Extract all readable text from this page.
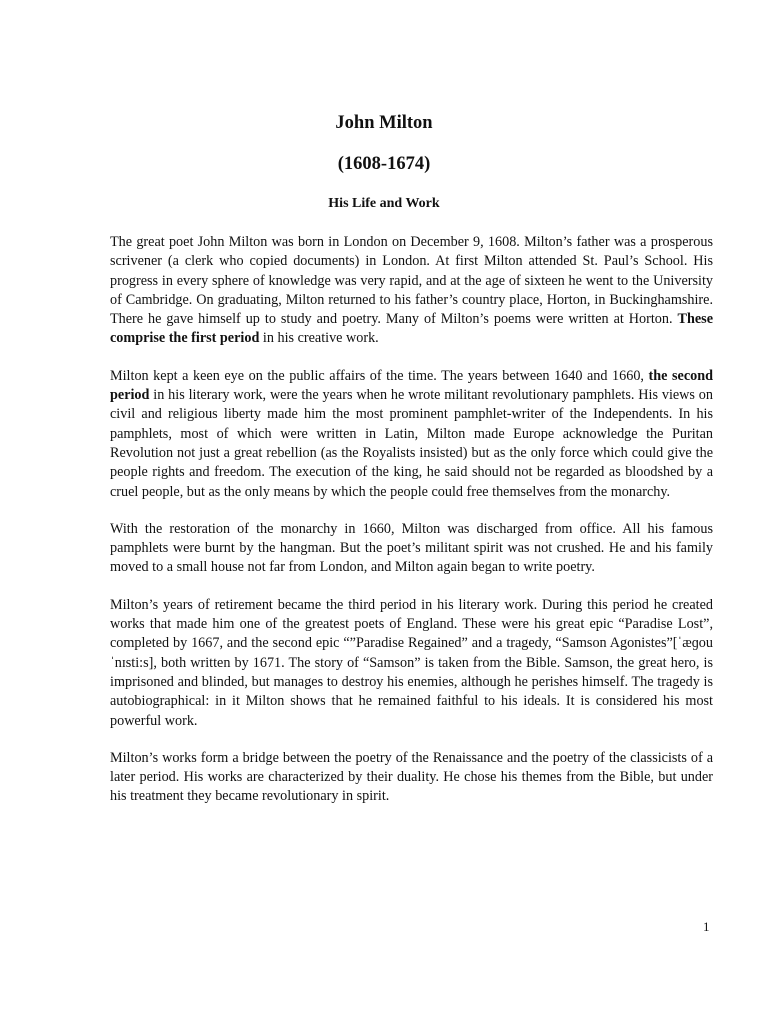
John Milton
(1608-1674)
His Life and Work

The great poet John Milton was born in London on December 9, 1608. Milton’s father was a prosperous scrivener (a clerk who copied documents) in London. At first Milton attended St. Paul’s School. His progress in every sphere of knowledge was very rapid, and at the age of sixteen he went to the University of Cambridge. On graduating, Milton returned to his father’s country place, Horton, in Buckinghamshire. There he gave himself up to study and poetry. Many of Milton’s poems were written at Horton. These comprise the first period in his creative work.

Milton kept a keen eye on the public affairs of the time. The years between 1640 and 1660, the second period in his literary work, were the years when he wrote militant revolutionary pamphlets. His views on civil and religious liberty made him the most prominent pamphlet-writer of the Independents. In his pamphlets, most of which were written in Latin, Milton made Europe acknowledge the Puritan Revolution not just a great rebellion (as the Royalists insisted) but as the only force which could give the people rights and freedom. The execution of the king, he said should not be regarded as bloodshed by a cruel people, but as the only means by which the people could free themselves from the monarchy.

With the restoration of the monarchy in 1660, Milton was discharged from office. All his famous pamphlets were burnt by the hangman. But the poet’s militant spirit was not crushed. He and his family moved to a small house not far from London, and Milton again began to write poetry.

Milton’s years of retirement became the third period in his literary work. During this period he created works that made him one of the greatest poets of England. These were his great epic “Paradise Lost”, completed by 1667, and the second epic “”Paradise Regained” and a tragedy, “Samson Agonistes”[ˈæɡouˈnɪsti:s], both written by 1671. The story of “Samson” is taken from the Bible. Samson, the great hero, is imprisoned and blinded, but manages to destroy his enemies, although he perishes himself. The tragedy is autobiographical: in it Milton shows that he remained faithful to his ideals. It is considered his most powerful work.

Milton’s works form a bridge between the poetry of the Renaissance and the poetry of the classicists of a later period. His works are characterized by their duality. He chose his themes from the Bible, but under his treatment they became revolutionary in spirit.

1
